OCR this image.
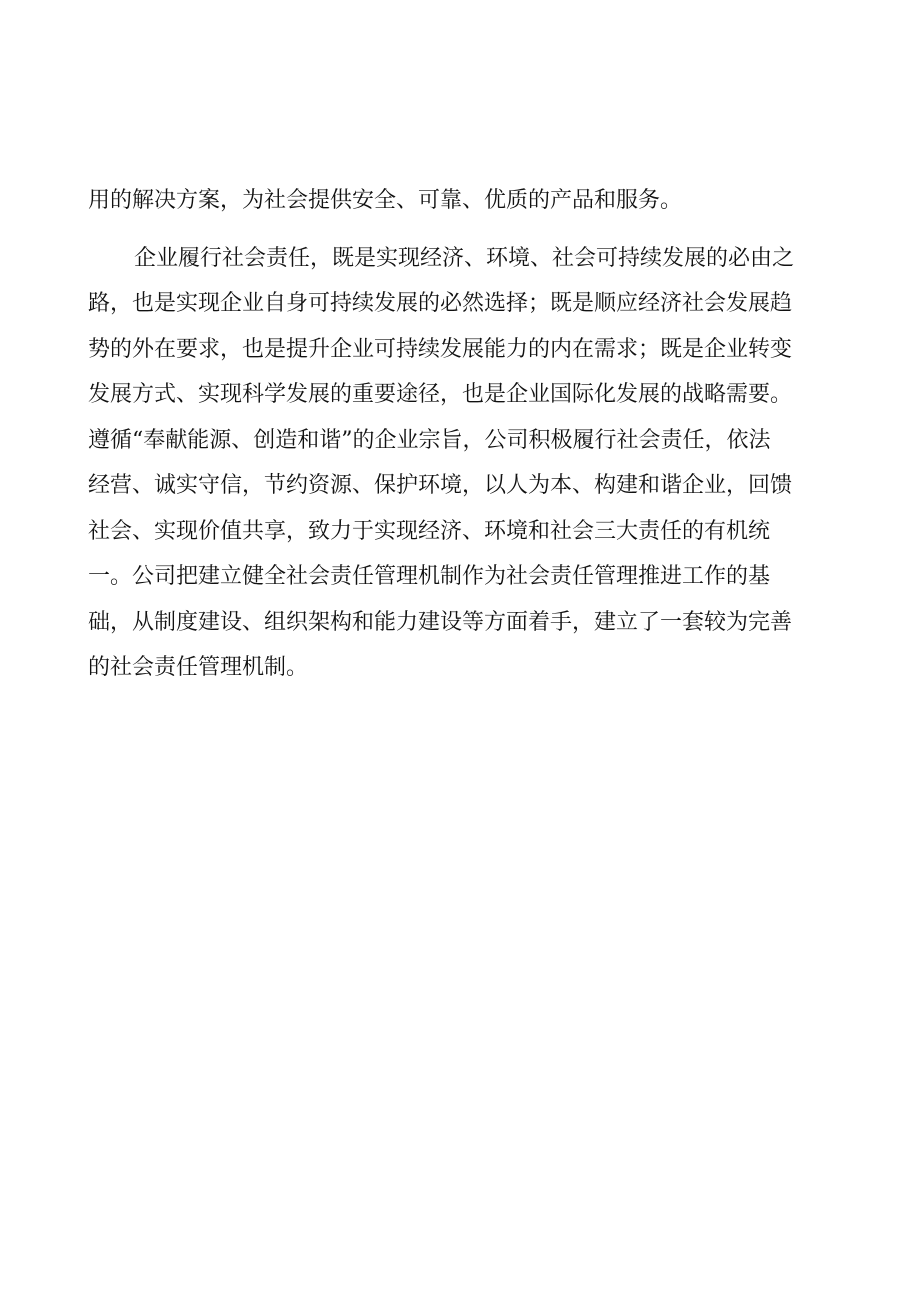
用的解决方案，为社会提供安全、可靠、优质的产品和服务。
企业履行社会责任，既是实现经济、环境、社会可持续发展的必由之
路，也是实现企业自身可持续发展的必然选择；既是顺应经济社会发展趋
势的外在要求，也是提升企业可持续发展能力的内在需求；既是企业转变
发展方式、实现科学发展的重要途径，也是企业国际化发展的战略需要。
遵循“奉献能源、创造和谐”的企业宗旨，公司积极履行社会责任，依法
经营、诚实守信，节约资源、保护环境，以人为本、构建和谐企业，回馈
社会、实现价值共享，致力于实现经济、环境和社会三大责任的有机统
一。公司把建立健全社会责任管理机制作为社会责任管理推进工作的基
础，从制度建设、组织架构和能力建设等方面着手，建立了一套较为完善
的社会责任管理机制。
